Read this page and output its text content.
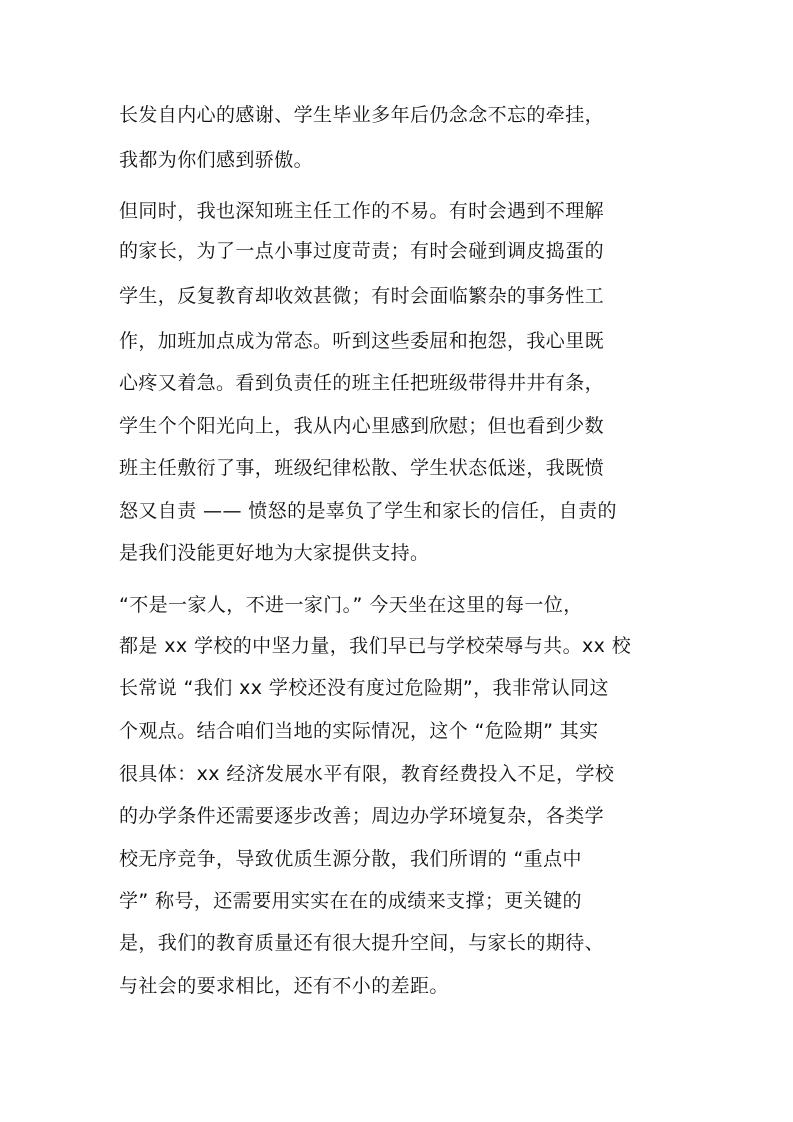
长发自内心的感谢、学生毕业多年后仍念念不忘的牵挂，
我都为你们感到骄傲。
但同时，我也深知班主任工作的不易。有时会遇到不理解
的家长，为了一点小事过度苛责；有时会碰到调皮捣蛋的
学生，反复教育却收效甚微；有时会面临繁杂的事务性工
作，加班加点成为常态。听到这些委屈和抱怨，我心里既
心疼又着急。看到负责任的班主任把班级带得井井有条，
学生个个阳光向上，我从内心里感到欣慰；但也看到少数
班主任敷衍了事，班级纪律松散、学生状态低迷，我既愤
怒又自责 —— 愤怒的是辜负了学生和家长的信任，自责的
是我们没能更好地为大家提供支持。
“不是一家人，不进一家门。” 今天坐在这里的每一位，
都是 xx 学校的中坚力量，我们早已与学校荣辱与共。xx 校
长常说 “我们 xx 学校还没有度过危险期”，我非常认同这
个观点。结合咱们当地的实际情况，这个 “危险期” 其实
很具体：xx 经济发展水平有限，教育经费投入不足，学校
的办学条件还需要逐步改善；周边办学环境复杂，各类学
校无序竞争，导致优质生源分散，我们所谓的 “重点中
学” 称号，还需要用实实在在的成绩来支撑；更关键的
是，我们的教育质量还有很大提升空间，与家长的期待、
与社会的要求相比，还有不小的差距。
